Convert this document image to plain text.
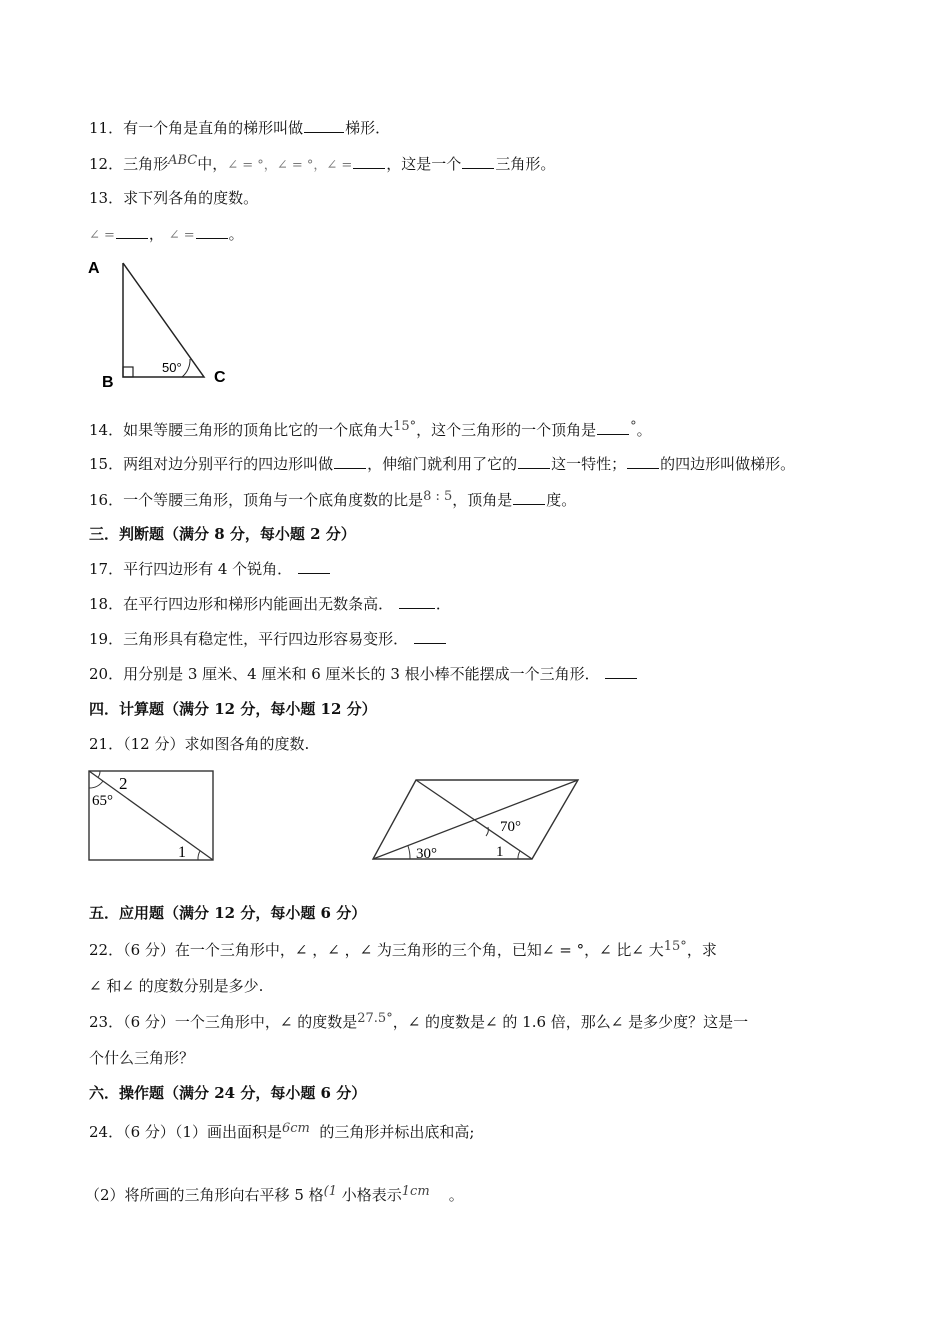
11．有一个角是直角的梯形叫做	梯形．
12．三角形ABC中，∠ = °，∠ = °，∠ = ，这是一个 三角形。
13．求下列各角的度数。
∠ = ， ∠ = 。
A
B	C
50°
14．如果等腰三角形的顶角比它的一个底角大15°，这个三角形的一个顶角是	°。
15．两组对边分别平行的四边形叫做 ，伸缩门就利用了它的 这一特性； 的四边形叫做梯形。
16．一个等腰三角形，顶角与一个底角度数的比是8 : 5，顶角是 度。
三．判断题（满分 8 分，每小题 2 分）
17．平行四边形有 4 个锐角．
18．在平行四边形和梯形内能画出无数条高．	．
19．三角形具有稳定性，平行四边形容易变形．
20．用分别是 3 厘米、4 厘米和 6 厘米长的 3 根小棒不能摆成一个三角形．
四．计算题（满分 12 分，每小题 12 分）
21．（12 分）求如图各角的度数.
2
65°
1
70°
30°	1
五．应用题（满分 12 分，每小题 6 分）
22．（6 分）在一个三角形中，∠ ，∠ ，∠ 为三角形的三个角，已知∠ = °，∠ 比∠ 大15°，求
∠ 和∠ 的度数分别是多少.
23．（6 分）一个三角形中，∠ 的度数是27.5°，∠ 的度数是∠ 的 1.6 倍，那么∠ 是多少度？这是一
个什么三角形？
六．操作题（满分 24 分，每小题 6 分）
24．（6 分）（1）画出面积是6cm 的三角形并标出底和高;
（2）将所画的三角形向右平移 5 格(1 小格表示1cm 。
